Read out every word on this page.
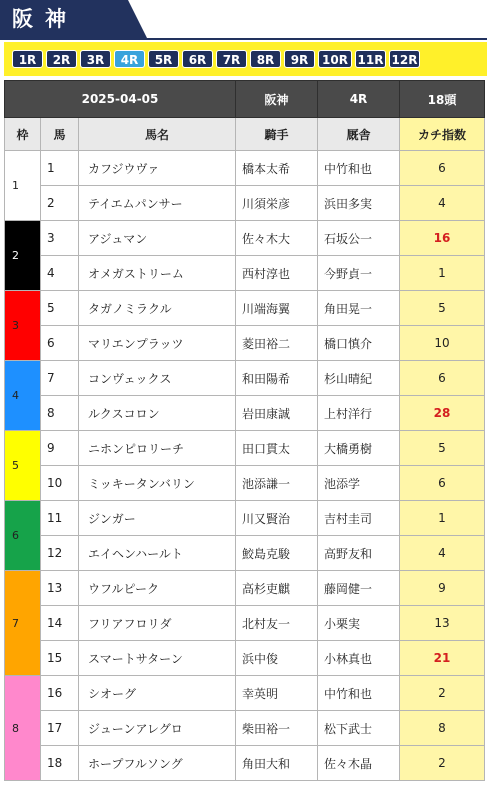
阪神
1R	2R	3R	4R	5R	6R	7R	8R	9R	10R 11R 12R
2025-04-05			阪神	4R	18頭
枠	馬	馬名	騎手	厩舎	カチ指数
1	1	カフジウヴァ	橋本太希	中竹和也	6
	2	テイエムパンサー	川須栄彦	浜田多実	4
2	3	アジュマン	佐々木大	石坂公一	16
	4	オメガストリーム	西村淳也	今野貞一	1
3	5	タガノミラクル	川端海翼	角田晃一	5
	6	マリエンプラッツ	菱田裕二	橋口慎介	10
4	7	コンヴェックス	和田陽希	杉山晴紀	6
	8	ルクスコロン	岩田康誠	上村洋行	28
5	9	ニホンピロリーチ	田口貫太	大橋勇樹	5
	10	ミッキータンバリン	池添謙一	池添学	6
6	11	ジンガー	川又賢治	吉村圭司	1
	12	エイヘンハールト	鮫島克駿	高野友和	4
7	13	ウフルピーク	高杉吏麒	藤岡健一	9
	14	フリアフロリダ	北村友一	小栗実	13
	15	スマートサターン	浜中俊	小林真也	21
8	16	シオーグ	幸英明	中竹和也	2
	17	ジューンアレグロ	柴田裕一	松下武士	8
	18	ホープフルソング	角田大和	佐々木晶	2
